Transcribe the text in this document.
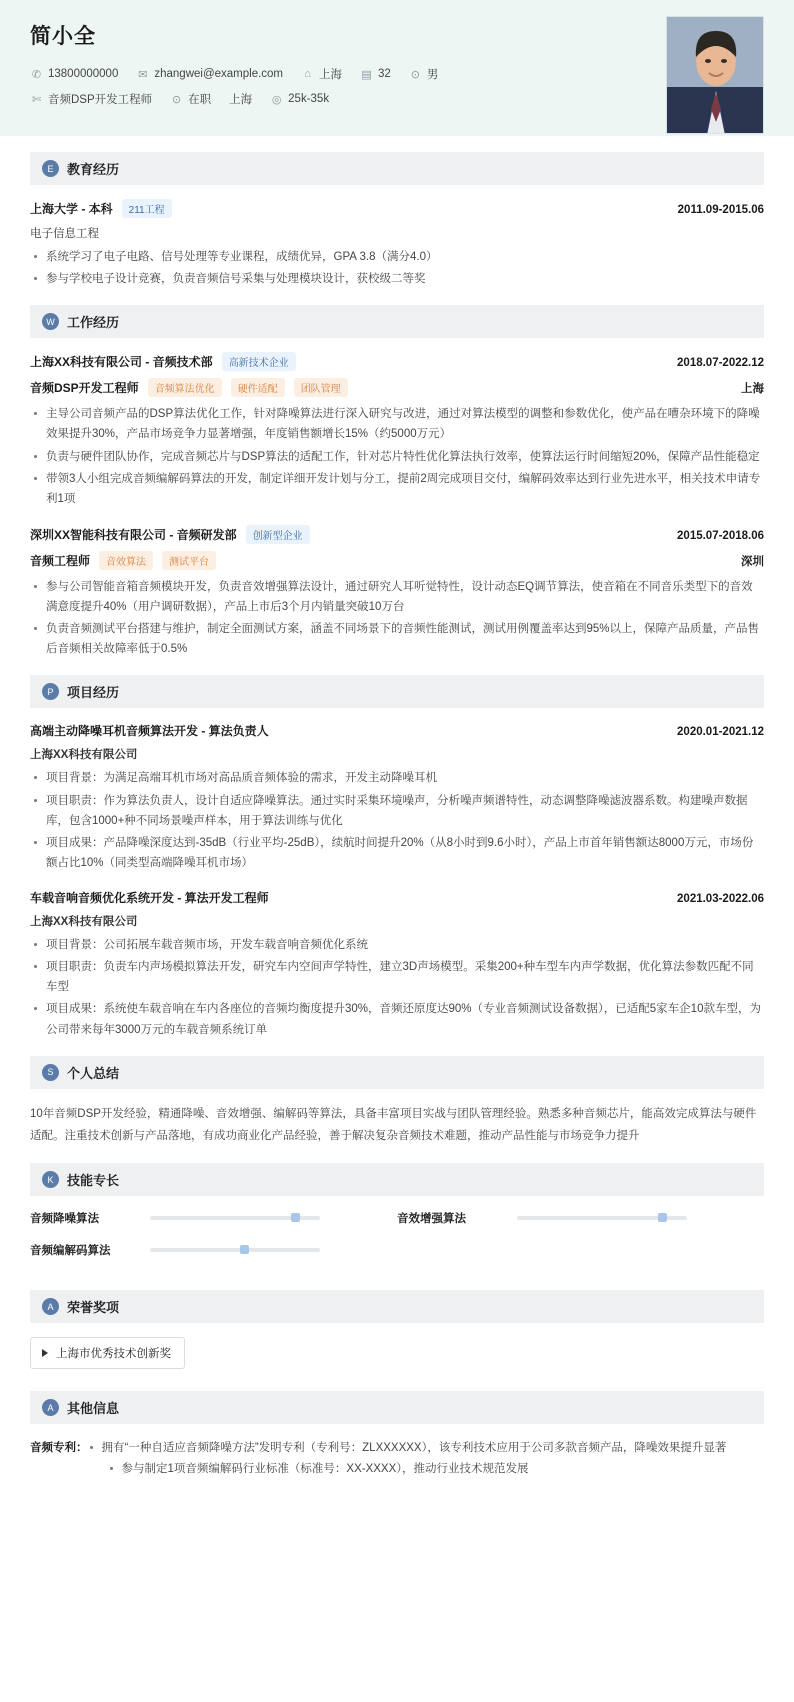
简小全
✆ 13800000000 ✉ zhangwei@example.com ⌂ 上海 ▤ 32 ⊙ 男
✄ 音频DSP开发工程师 ⊙ 在职 上海 ◎ 25k-35k
E	教育经历
上海大学 - 本科	211工程	2011.09-2015.06
电子信息工程
系统学习了电子电路、信号处理等专业课程，成绩优异，GPA 3.8（满分4.0）
参与学校电子设计竞赛，负责音频信号采集与处理模块设计，获校级二等奖
W 工作经历
上海XX科技有限公司 - 音频技术部	高新技术企业	2018.07-2022.12
音频DSP开发工程师	音频算法优化	硬件适配	团队管理	上海
主导公司音频产品的DSP算法优化工作，针对降噪算法进行深入研究与改进，通过对算法模型的调整和参数优化，使产品在嘈杂环境下的降噪效果提升30%，产品市场竞争力显著增强，年度销售额增长15%（约5000万元）
负责与硬件团队协作，完成音频芯片与DSP算法的适配工作，针对芯片特性优化算法执行效率，使算法运行时间缩短20%，保障产品性能稳定
带领3人小组完成音频编解码算法的开发，制定详细开发计划与分工，提前2周完成项目交付，编解码效率达到行业先进水平，相关技术申请专利1项
深圳XX智能科技有限公司 - 音频研发部	创新型企业	2015.07-2018.06
音频工程师	音效算法	测试平台	深圳
参与公司智能音箱音频模块开发，负责音效增强算法设计，通过研究人耳听觉特性，设计动态EQ调节算法，使音箱在不同音乐类型下的音效满意度提升40%（用户调研数据），产品上市后3个月内销量突破10万台
负责音频测试平台搭建与维护，制定全面测试方案，涵盖不同场景下的音频性能测试，测试用例覆盖率达到95%以上，保障产品质量，产品售后音频相关故障率低于0.5%
P	项目经历
高端主动降噪耳机音频算法开发 - 算法负责人	2020.01-2021.12
上海XX科技有限公司
项目背景：为满足高端耳机市场对高品质音频体验的需求，开发主动降噪耳机
项目职责：作为算法负责人，设计自适应降噪算法。通过实时采集环境噪声，分析噪声频谱特性，动态调整降噪滤波器系数。构建噪声数据库，包含1000+种不同场景噪声样本，用于算法训练与优化
项目成果：产品降噪深度达到-35dB（行业平均-25dB），续航时间提升20%（从8小时到9.6小时），产品上市首年销售额达8000万元，市场份额占比10%（同类型高端降噪耳机市场）
车载音响音频优化系统开发 - 算法开发工程师	2021.03-2022.06
上海XX科技有限公司
项目背景：公司拓展车载音频市场，开发车载音响音频优化系统
项目职责：负责车内声场模拟算法开发，研究车内空间声学特性，建立3D声场模型。采集200+种车型车内声学数据，优化算法参数匹配不同车型
项目成果：系统使车载音响在车内各座位的音频均衡度提升30%，音频还原度达90%（专业音频测试设备数据），已适配5家车企10款车型，为公司带来每年3000万元的车载音频系统订单
S	个人总结
10年音频DSP开发经验，精通降噪、音效增强、编解码等算法，具备丰富项目实战与团队管理经验。熟悉多种音频芯片，能高效完成算法与硬件适配。注重技术创新与产品落地，有成功商业化产品经验，善于解决复杂音频技术难题，推动产品性能与市场竞争力提升
K	技能专长
音频降噪算法	音效增强算法
音频编解码算法
A	荣誉奖项
上海市优秀技术创新奖
A	其他信息
音频专利：	拥有“一种自适应音频降噪方法”发明专利（专利号：ZLXXXXXX），该专利技术应用于公司多款音频产品，降噪效果提升显著
参与制定1项音频编解码行业标准（标准号：XX-XXXX），推动行业技术规范发展
